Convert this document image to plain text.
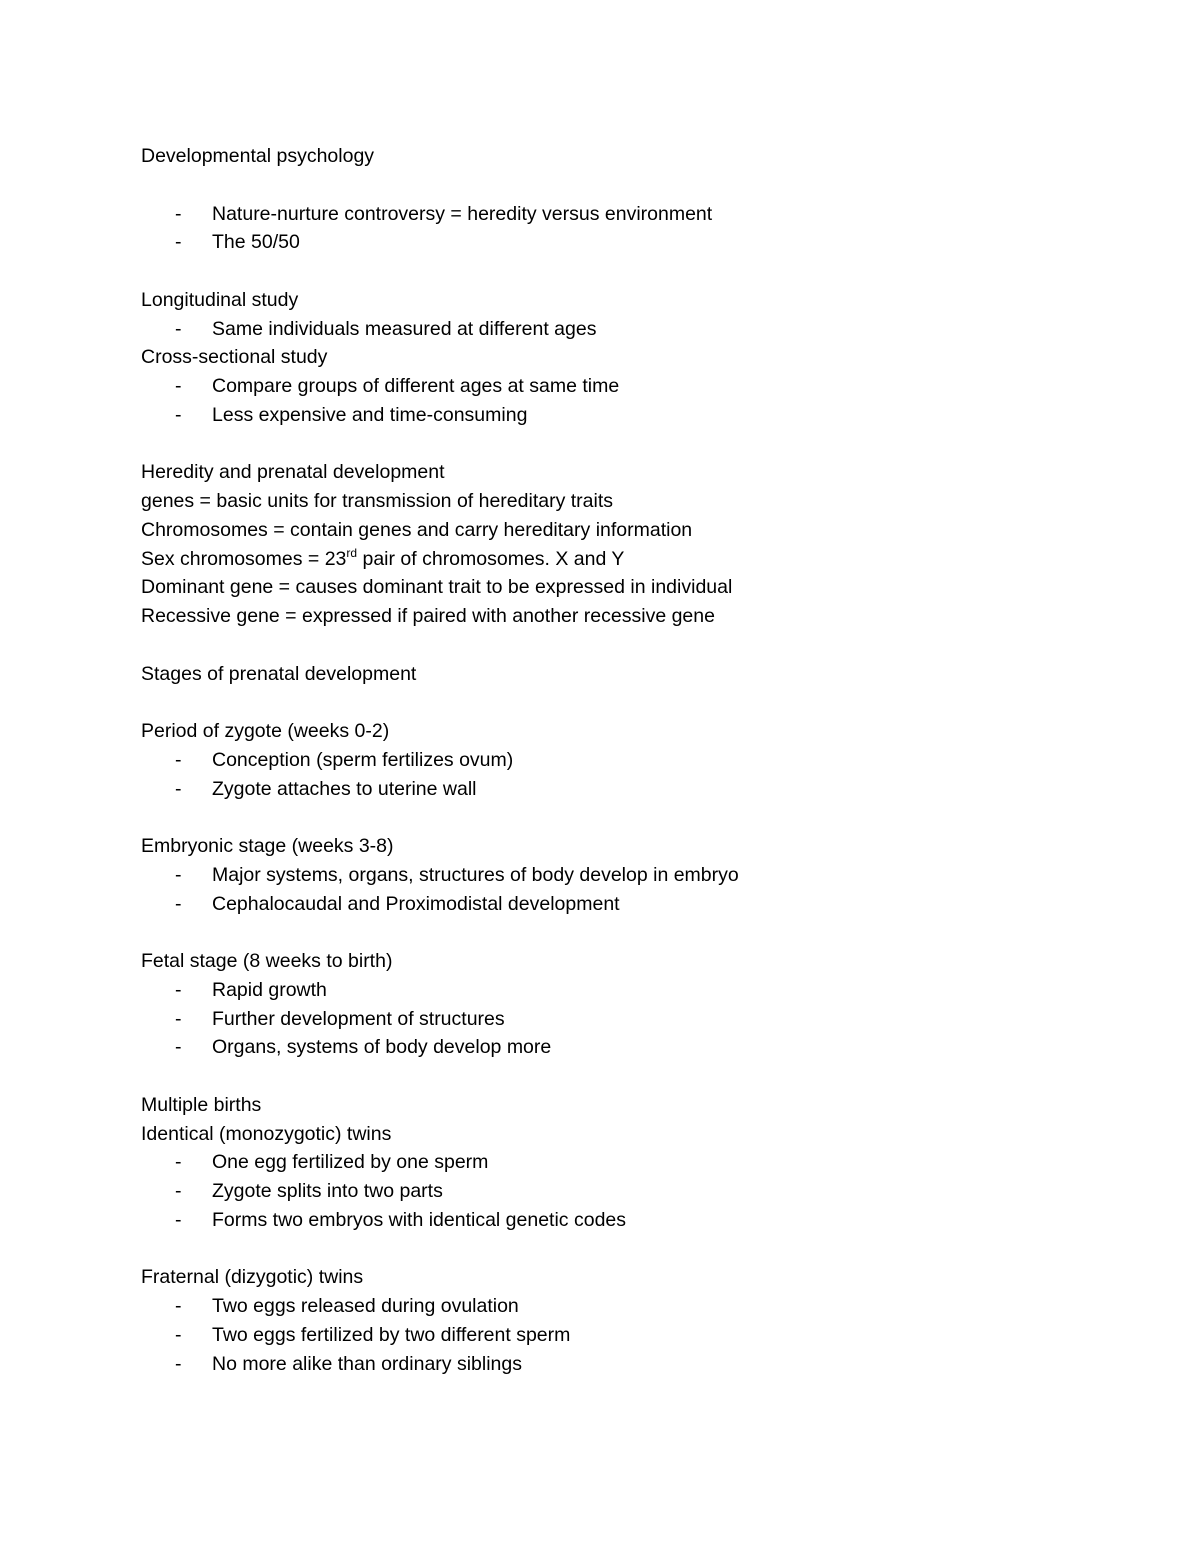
Developmental psychology
- Nature-nurture controversy = heredity versus environment
- The 50/50
Longitudinal study
- Same individuals measured at different ages
Cross-sectional study
- Compare groups of different ages at same time
- Less expensive and time-consuming
Heredity and prenatal development
genes = basic units for transmission of hereditary traits
Chromosomes = contain genes and carry hereditary information
Sex chromosomes = 23rd pair of chromosomes. X and Y
Dominant gene = causes dominant trait to be expressed in individual
Recessive gene = expressed if paired with another recessive gene
Stages of prenatal development
Period of zygote (weeks 0-2)
- Conception (sperm fertilizes ovum)
- Zygote attaches to uterine wall
Embryonic stage (weeks 3-8)
- Major systems, organs, structures of body develop in embryo
- Cephalocaudal and Proximodistal development
Fetal stage (8 weeks to birth)
- Rapid growth
- Further development of structures
- Organs, systems of body develop more
Multiple births
Identical (monozygotic) twins
- One egg fertilized by one sperm
- Zygote splits into two parts
- Forms two embryos with identical genetic codes
Fraternal (dizygotic) twins
- Two eggs released during ovulation
- Two eggs fertilized by two different sperm
- No more alike than ordinary siblings
